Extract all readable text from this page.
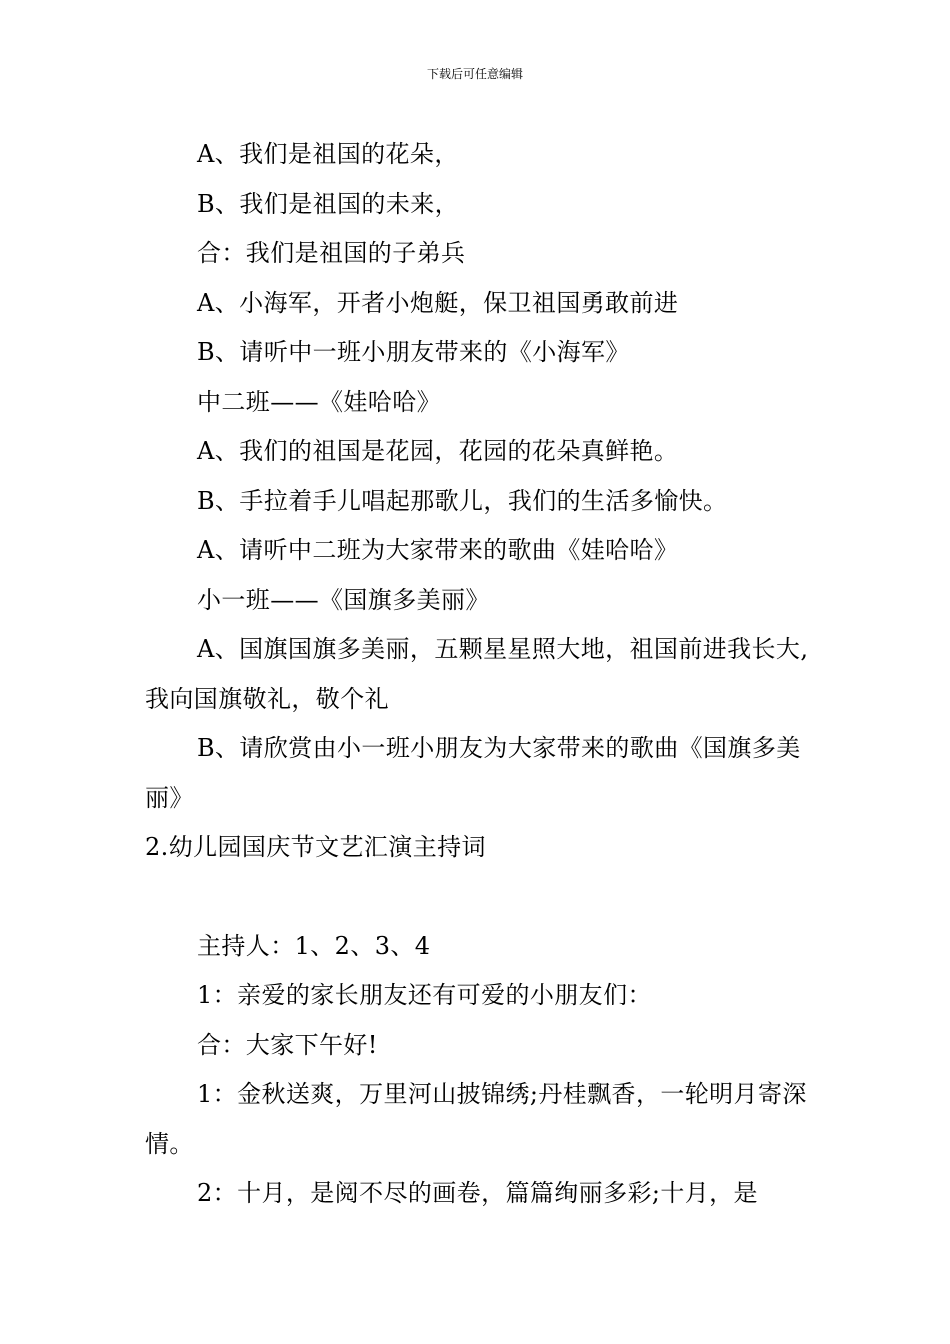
下载后可任意编辑

A、我们是祖国的花朵，

B、我们是祖国的未来，

合：我们是祖国的子弟兵

A、小海军，开者小炮艇，保卫祖国勇敢前进

B、请听中一班小朋友带来的《小海军》

中二班——《娃哈哈》

A、我们的祖国是花园，花园的花朵真鲜艳。

B、手拉着手儿唱起那歌儿，我们的生活多愉快。

A、请听中二班为大家带来的歌曲《娃哈哈》

小一班——《国旗多美丽》

A、国旗国旗多美丽，五颗星星照大地，祖国前进我长大,我向国旗敬礼，敬个礼

B、请欣赏由小一班小朋友为大家带来的歌曲《国旗多美丽》

2.幼儿园国庆节文艺汇演主持词

主持人：1、2、3、4

1：亲爱的家长朋友还有可爱的小朋友们：

合：大家下午好!

1：金秋送爽，万里河山披锦绣;丹桂飘香，一轮明月寄深情。

2：十月，是阅不尽的画卷，篇篇绚丽多彩;十月，是
